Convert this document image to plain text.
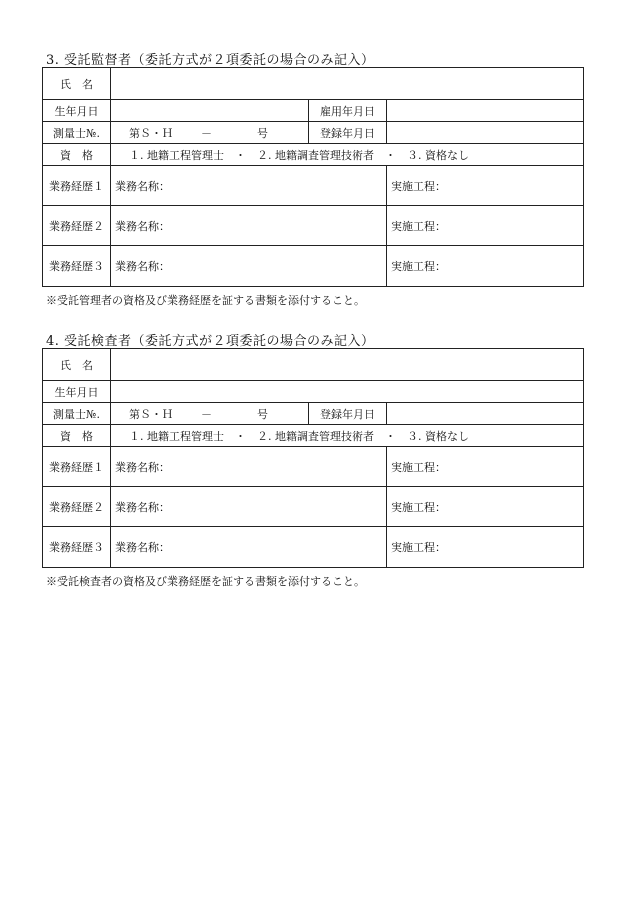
3. 受託監督者（委託方式が２項委託の場合のみ記入）
氏　名			
生年月日		雇用年月日	
測量士№.	第Ｓ・Ｈ － 号	登録年月日	
資　格	１. 地籍工程管理士　・　２. 地籍調査管理技術者　・　３. 資格なし		
業務経歴１	業務名称：		実施工程：
業務経歴２	業務名称：		実施工程：
業務経歴３	業務名称：		実施工程：
※受託管理者の資格及び業務経歴を証する書類を添付すること。
4. 受託検査者（委託方式が２項委託の場合のみ記入）
氏　名			
生年月日			
測量士№.	第Ｓ・Ｈ － 号	登録年月日	
資　格	１. 地籍工程管理士　・　２. 地籍調査管理技術者　・　３. 資格なし		
業務経歴１	業務名称：		実施工程：
業務経歴２	業務名称：		実施工程：
業務経歴３	業務名称：		実施工程：
※受託検査者の資格及び業務経歴を証する書類を添付すること。
